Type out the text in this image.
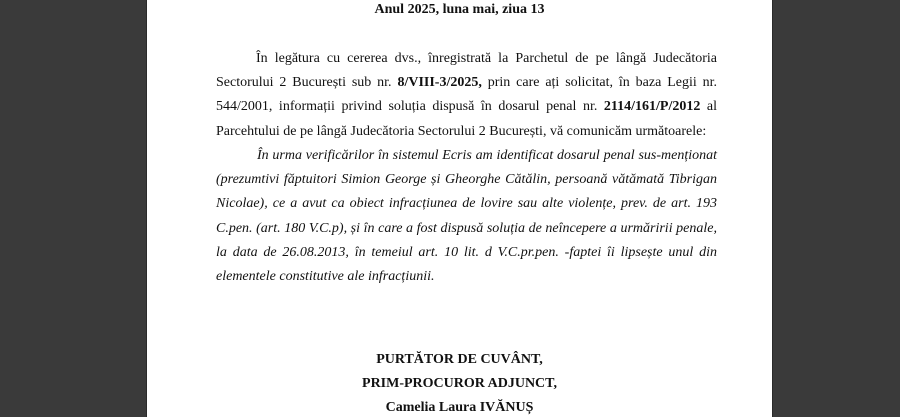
Anul 2025, luna mai, ziua 13
În legătura cu cererea dvs., înregistrată la Parchetul de pe lângă Judecătoria Sectorului 2 București sub nr. 8/VIII-3/2025, prin care ați solicitat, în baza Legii nr. 544/2001, informații privind soluția dispusă în dosarul penal nr. 2114/161/P/2012 al Parcehtului de pe lângă Judecătoria Sectorului 2 București, vă comunicăm următoarele:
În urma verificărilor în sistemul Ecris am identificat dosarul penal sus-menționat (prezumtivi făptuitori Simion George și Gheorghe Cătălin, persoană vătămată Tibrigan Nicolae), ce a avut ca obiect infracțiunea de lovire sau alte violențe, prev. de art. 193 C.pen. (art. 180 V.C.p), și în care a fost dispusă soluția de neîncepere a urmăririi penale, la data de 26.08.2013, în temeiul art. 10 lit. d V.C.pr.pen. -faptei îi lipsește unul din elementele constitutive ale infracțiunii.
PURTĂTOR DE CUVÂNT,
PRIM-PROCUROR ADJUNCT,
Camelia Laura IVĂNUȘ
